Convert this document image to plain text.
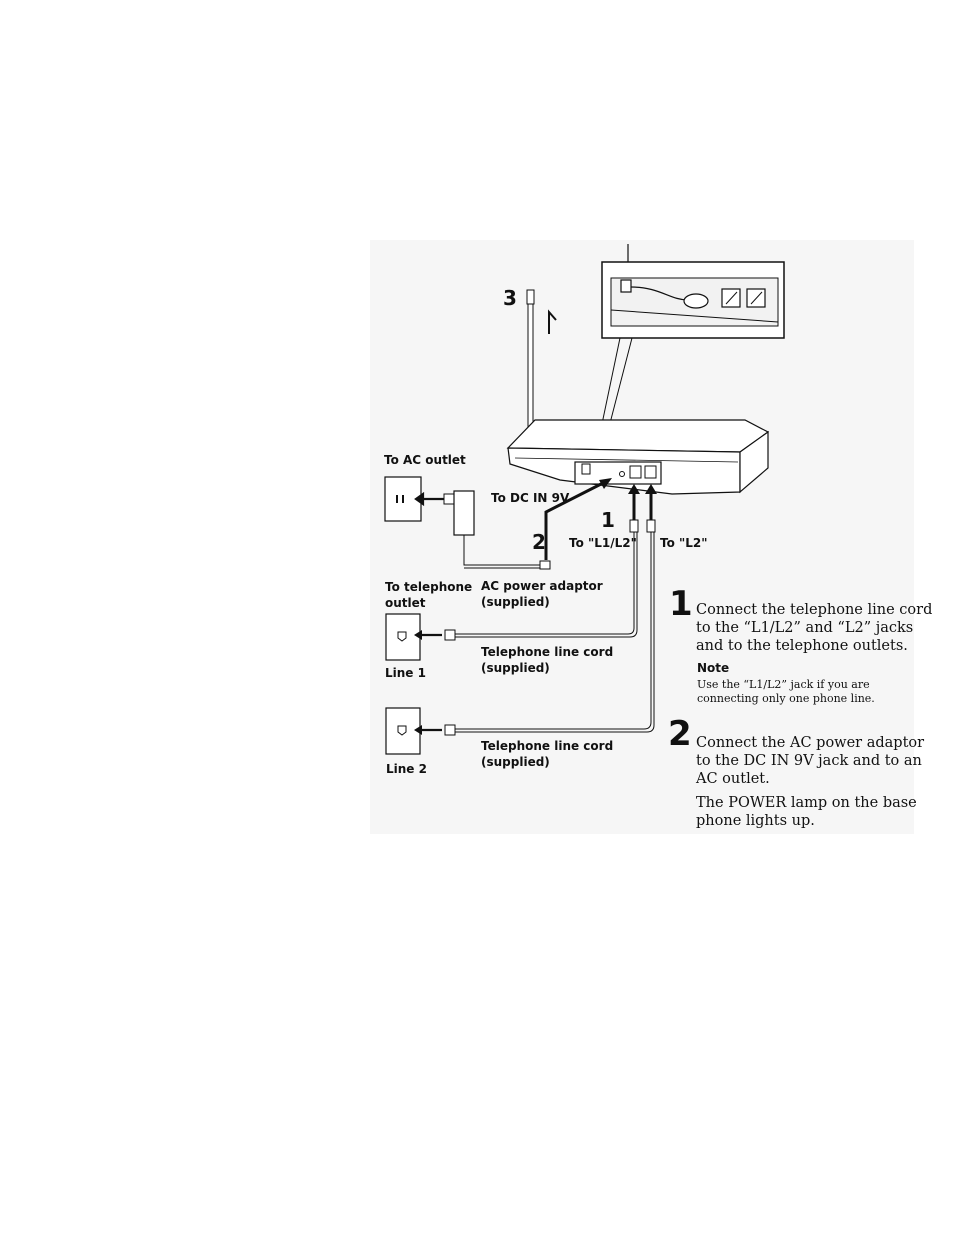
3
2
1
To AC outlet
To DC IN 9V
To "L1/L2" To "L2"
To telephone
outlet
AC power adaptor
(supplied)
Telephone line cord
(supplied)
Line 1
Telephone line cord
(supplied)
Line 2
1 Connect the telephone line cord
to the “L1/L2” and “L2” jacks
and to the telephone outlets.
Note
Use the “L1/L2” jack if you are
connecting only one phone line.
2 Connect the AC power adaptor
to the DC IN 9V jack and to an
AC outlet.
The POWER lamp on the base
phone lights up.
